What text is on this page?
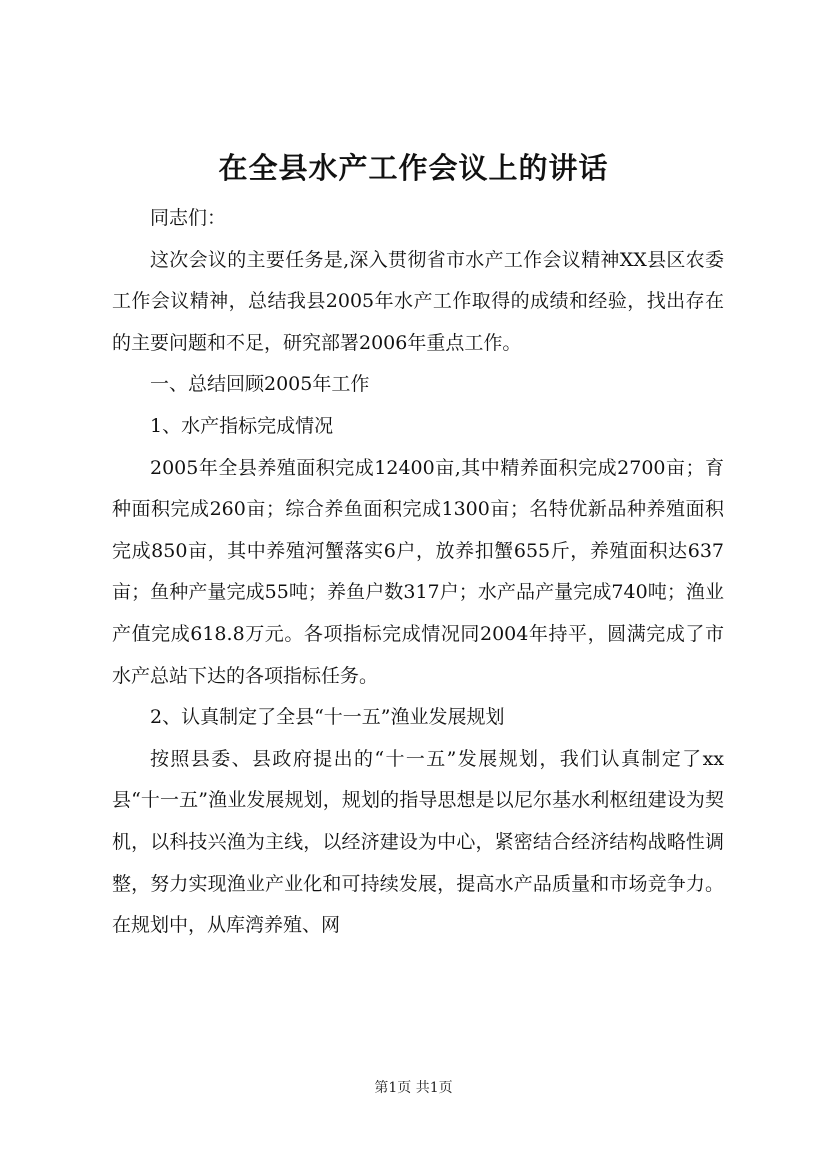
在全县水产工作会议上的讲话

同志们：

这次会议的主要任务是,深入贯彻省市水产工作会议精神XX县区农委工作会议精神，总结我县2005年水产工作取得的成绩和经验，找出存在的主要问题和不足，研究部署2006年重点工作。

一、总结回顾2005年工作

1、水产指标完成情况

2005年全县养殖面积完成12400亩,其中精养面积完成2700亩；育种面积完成260亩；综合养鱼面积完成1300亩；名特优新品种养殖面积完成850亩，其中养殖河蟹落实6户，放养扣蟹655斤，养殖面积达637亩；鱼种产量完成55吨；养鱼户数317户；水产品产量完成740吨；渔业产值完成618.8万元。各项指标完成情况同2004年持平，圆满完成了市水产总站下达的各项指标任务。

2、认真制定了全县“十一五”渔业发展规划

按照县委、县政府提出的“十一五”发展规划，我们认真制定了xx县“十一五”渔业发展规划，规划的指导思想是以尼尔基水利枢纽建设为契机，以科技兴渔为主线，以经济建设为中心，紧密结合经济结构战略性调整，努力实现渔业产业化和可持续发展，提高水产品质量和市场竞争力。在规划中，从库湾养殖、网

第1页 共1页
